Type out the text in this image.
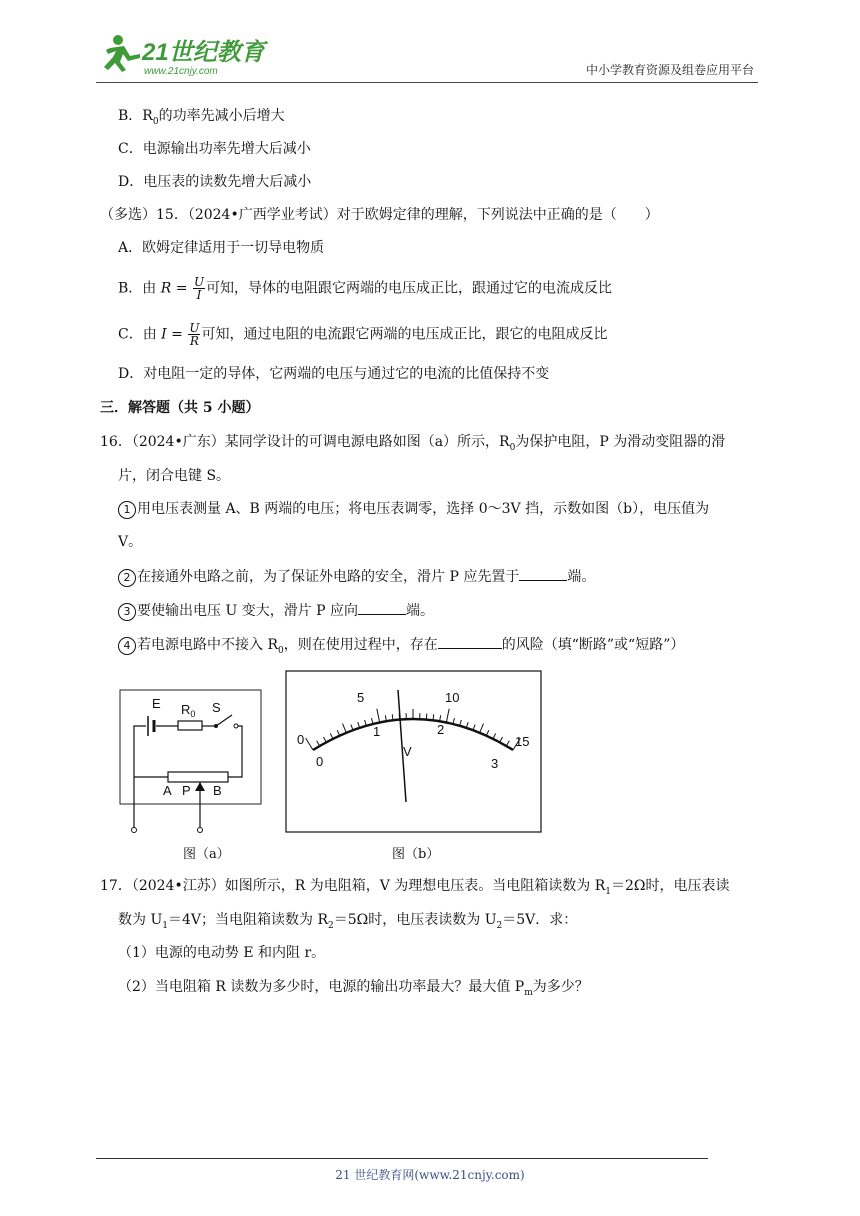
21世纪教育
www.21cnjy.com	中小学教育资源及组卷应用平台
B．$R_0$的功率先减小后增大
C．电源输出功率先增大后减小
D．电压表的读数先增大后减小
（多选）15．（2024•广西学业考试）对于欧姆定律的理解，下列说法中正确的是（　　）
A．欧姆定律适用于一切导电物质
B．由 $R = \frac{U}{I}$ 可知，导体的电阻跟它两端的电压成正比，跟通过它的电流成反比
C．由 $I = \frac{U}{R}$ 可知，通过电阻的电流跟它两端的电压成正比，跟它的电阻成反比
D．对电阻一定的导体，它两端的电压与通过它的电流的比值保持不变
三．解答题（共 5 小题）
16．（2024•广东）某同学设计的可调电源电路如图（a）所示，$R_0$为保护电阻，P 为滑动变阻器的滑
片，闭合电键 S。
1 用电压表测量 A、B 两端的电压；将电压表调零，选择 0～3V 挡，示数如图（b），电压值为
V。
2 在接通外电路之前，为了保证外电路的安全，滑片 P 应先置于	端。
3 要使输出电压 U 变大，滑片 P 应向	端。
4 若电源电路中不接入 $R_0$，则在使用过程中，存在	的风险（填“断路”或“短路”）
E $R_0$ S
A P B
图（a）
0
5	10
15
0
1	2
3
V
图（b）
17．（2024•江苏）如图所示，R 为电阻箱，V 为理想电压表。当电阻箱读数为 $R_1=2\Omega$时，电压表读
数为 $U_1=4V$；当电阻箱读数为 $R_2=5\Omega$时，电压表读数为 $U_2=5V$．求：
（1）电源的电动势 E 和内阻 r。
（2）当电阻箱 R 读数为多少时，电源的输出功率最大？最大值 $P_m$为多少？
21 世纪教育网(www.21cnjy.com)
